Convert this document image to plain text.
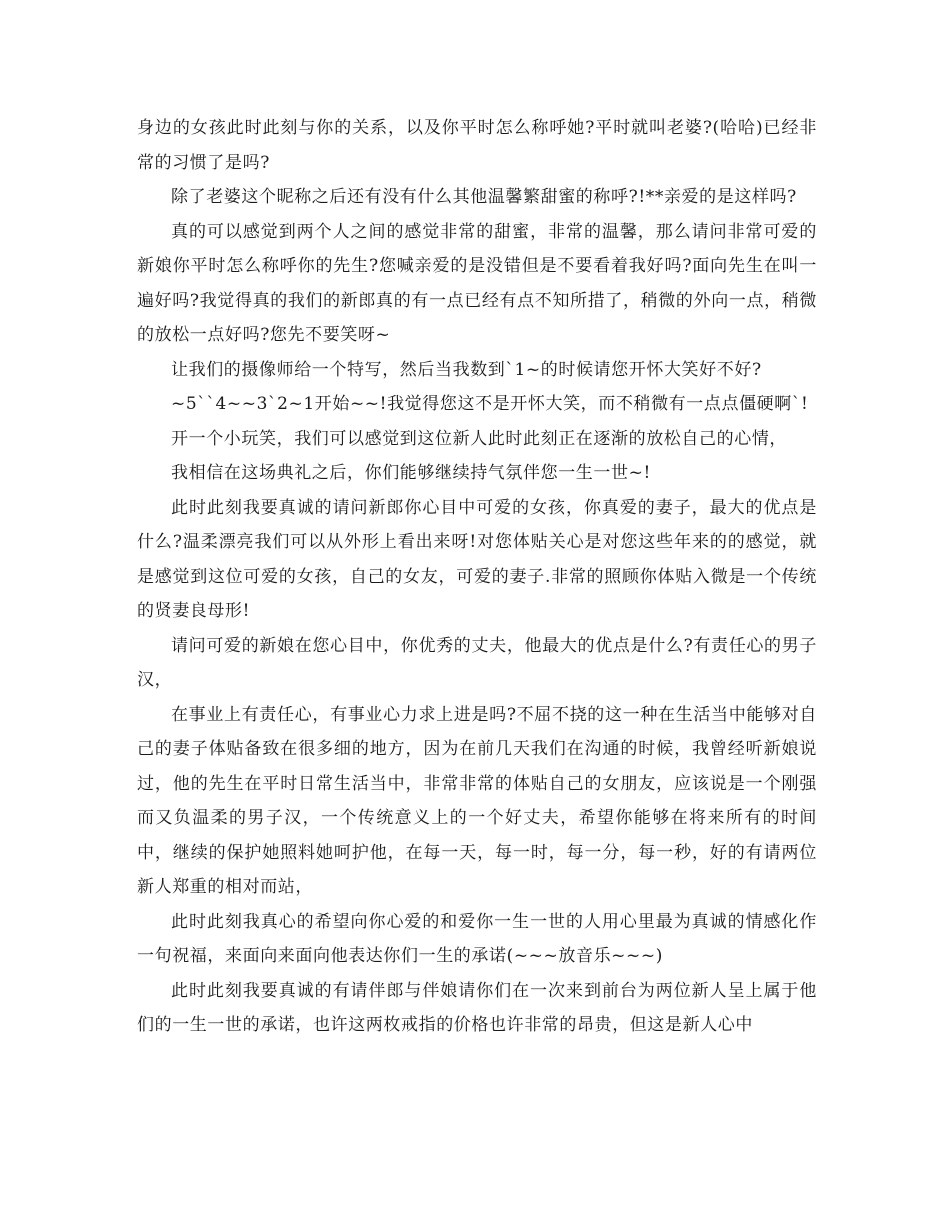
身边的女孩此时此刻与你的关系，以及你平时怎么称呼她?平时就叫老婆?(哈哈)已经非常的习惯了是吗?

除了老婆这个昵称之后还有没有什么其他温馨繁甜蜜的称呼?!**亲爱的是这样吗?

真的可以感觉到两个人之间的感觉非常的甜蜜，非常的温馨，那么请问非常可爱的新娘你平时怎么称呼你的先生?您喊亲爱的是没错但是不要看着我好吗?面向先生在叫一遍好吗?我觉得真的我们的新郎真的有一点已经有点不知所措了，稍微的外向一点，稍微的放松一点好吗?您先不要笑呀~

让我们的摄像师给一个特写，然后当我数到`1~的时候请您开怀大笑好不好?

~5``4~~3`2~1开始~~!我觉得您这不是开怀大笑，而不稍微有一点点僵硬啊`!

开一个小玩笑，我们可以感觉到这位新人此时此刻正在逐渐的放松自己的心情，

我相信在这场典礼之后，你们能够继续持气氛伴您一生一世~!

此时此刻我要真诚的请问新郎你心目中可爱的女孩，你真爱的妻子，最大的优点是什么?温柔漂亮我们可以从外形上看出来呀!对您体贴关心是对您这些年来的的感觉，就是感觉到这位可爱的女孩，自己的女友，可爱的妻子.非常的照顾你体贴入微是一个传统的贤妻良母形!

请问可爱的新娘在您心目中，你优秀的丈夫，他最大的优点是什么?有责任心的男子汉，

在事业上有责任心，有事业心力求上进是吗?不屈不挠的这一种在生活当中能够对自己的妻子体贴备致在很多细的地方，因为在前几天我们在沟通的时候，我曾经听新娘说过，他的先生在平时日常生活当中，非常非常的体贴自己的女朋友，应该说是一个刚强而又负温柔的男子汉，一个传统意义上的一个好丈夫，希望你能够在将来所有的时间中，继续的保护她照料她呵护他，在每一天，每一时，每一分，每一秒，好的有请两位新人郑重的相对而站，

此时此刻我真心的希望向你心爱的和爱你一生一世的人用心里最为真诚的情感化作一句祝福，来面向来面向他表达你们一生的承诺(~~~放音乐~~~)

此时此刻我要真诚的有请伴郎与伴娘请你们在一次来到前台为两位新人呈上属于他们的一生一世的承诺，也许这两枚戒指的价格也许非常的昂贵，但这是新人心中
